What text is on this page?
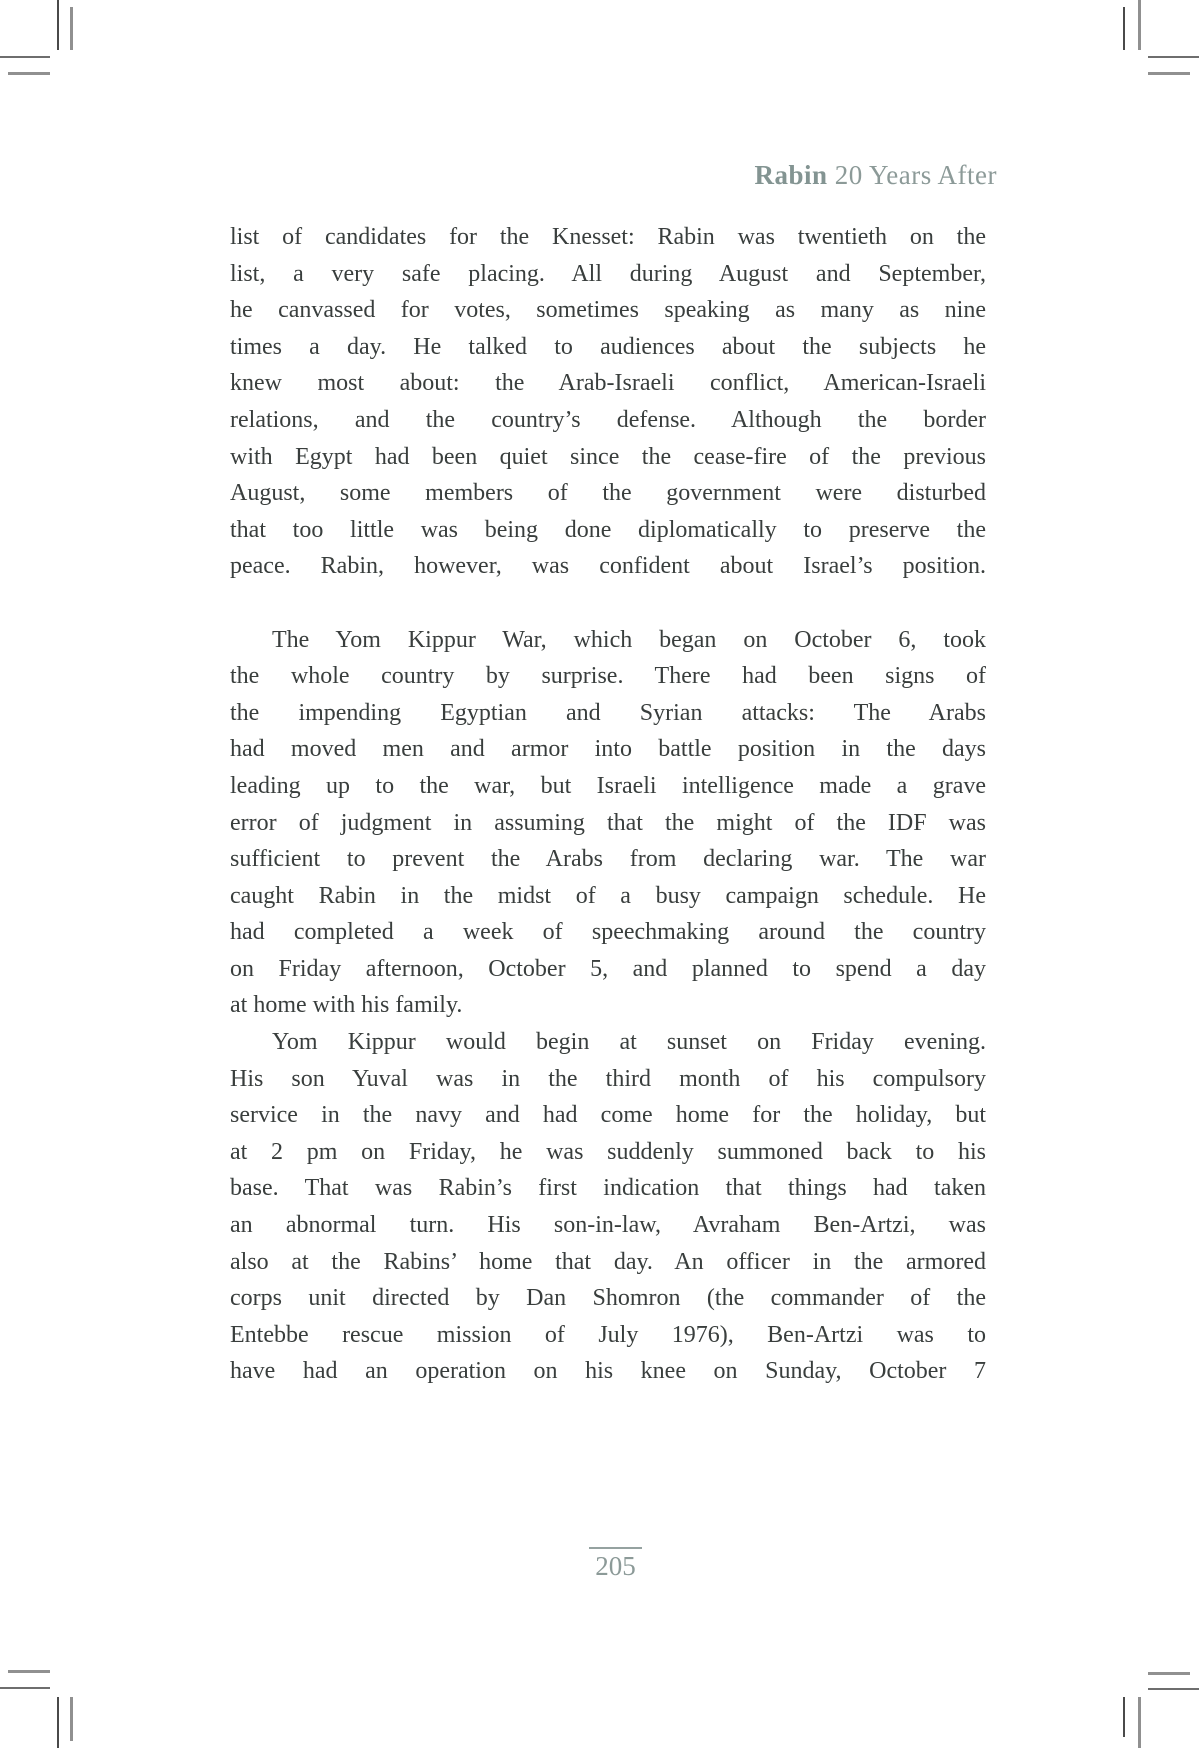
Rabin 20 Years After
list of candidates for the Knesset: Rabin was twentieth on the
list, a very safe placing. All during August and September,
he canvassed for votes, sometimes speaking as many as nine
times a day. He talked to audiences about the subjects he
knew most about: the Arab-Israeli conflict, American-Israeli
relations, and the country’s defense. Although the border
with Egypt had been quiet since the cease-fire of the previous
August, some members of the government were disturbed
that too little was being done diplomatically to preserve the
peace. Rabin, however, was confident about Israel’s position.
The Yom Kippur War, which began on October 6, took
the whole country by surprise. There had been signs of
the impending Egyptian and Syrian attacks: The Arabs
had moved men and armor into battle position in the days
leading up to the war, but Israeli intelligence made a grave
error of judgment in assuming that the might of the IDF was
sufficient to prevent the Arabs from declaring war. The war
caught Rabin in the midst of a busy campaign schedule. He
had completed a week of speechmaking around the country
on Friday afternoon, October 5, and planned to spend a day
at home with his family.
Yom Kippur would begin at sunset on Friday evening.
His son Yuval was in the third month of his compulsory
service in the navy and had come home for the holiday, but
at 2 pm on Friday, he was suddenly summoned back to his
base. That was Rabin’s first indication that things had taken
an abnormal turn. His son-in-law, Avraham Ben-Artzi, was
also at the Rabins’ home that day. An officer in the armored
corps unit directed by Dan Shomron (the commander of the
Entebbe rescue mission of July 1976), Ben-Artzi was to
have had an operation on his knee on Sunday, October 7
205
